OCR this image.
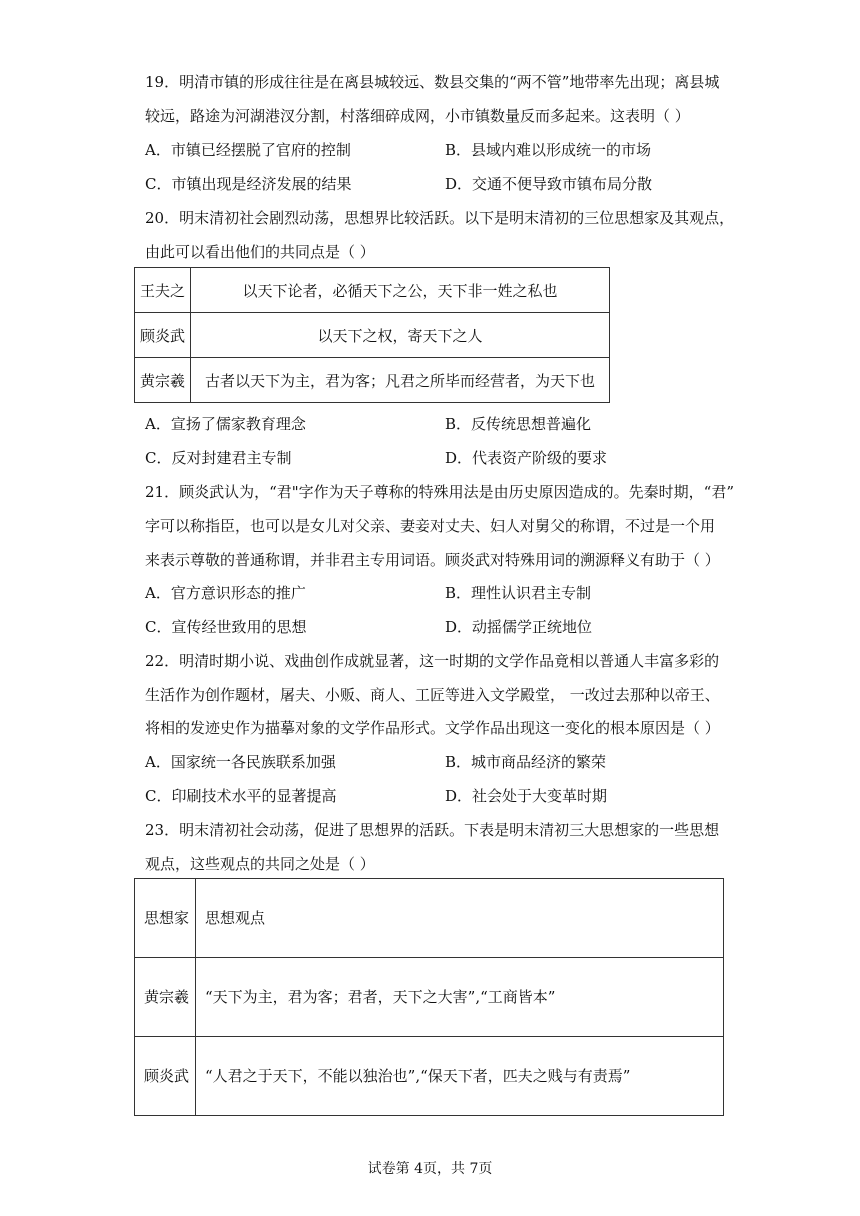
19．明清市镇的形成往往是在离县城较远、数县交集的“两不管”地带率先出现；离县城
较远，路途为河湖港汊分割，村落细碎成网，小市镇数量反而多起来。这表明（ ）
A．市镇已经摆脱了官府的控制	B．县域内难以形成统一的市场
C．市镇出现是经济发展的结果	D．交通不便导致市镇布局分散
20．明末清初社会剧烈动荡，思想界比较活跃。以下是明末清初的三位思想家及其观点，
由此可以看出他们的共同点是（ ）
王夫之	以天下论者，必循天下之公，天下非一姓之私也
顾炎武	以天下之权，寄天下之人
黄宗羲	古者以天下为主，君为客；凡君之所毕而经营者，为天下也
A．宣扬了儒家教育理念	B．反传统思想普遍化
C．反对封建君主专制	D．代表资产阶级的要求
21．顾炎武认为，“君"字作为天子尊称的特殊用法是由历史原因造成的。先秦时期，“君”
字可以称指臣，也可以是女儿对父亲、妻妾对丈夫、妇人对舅父的称谓，不过是一个用
来表示尊敬的普通称谓，并非君主专用词语。顾炎武对特殊用词的溯源释义有助于（ ）
A．官方意识形态的推广	B．理性认识君主专制
C．宣传经世致用的思想	D．动摇儒学正统地位
22．明清时期小说、戏曲创作成就显著，这一时期的文学作品竟相以普通人丰富多彩的
生活作为创作题材，屠夫、小贩、商人、工匠等进入文学殿堂， 一改过去那种以帝王、
将相的发迹史作为描摹对象的文学作品形式。文学作品出现这一变化的根本原因是（ ）
A．国家统一各民族联系加强	B．城市商品经济的繁荣
C．印刷技术水平的显著提高	D．社会处于大变革时期
23．明末清初社会动荡，促进了思想界的活跃。下表是明末清初三大思想家的一些思想
观点，这些观点的共同之处是（ ）
思想家	思想观点
黄宗羲	“天下为主，君为客；君者，天下之大害”,“工商皆本”
顾炎武	“人君之于天下，不能以独治也”,“保天下者，匹夫之贱与有责焉”
试卷第 4页，共 7页
